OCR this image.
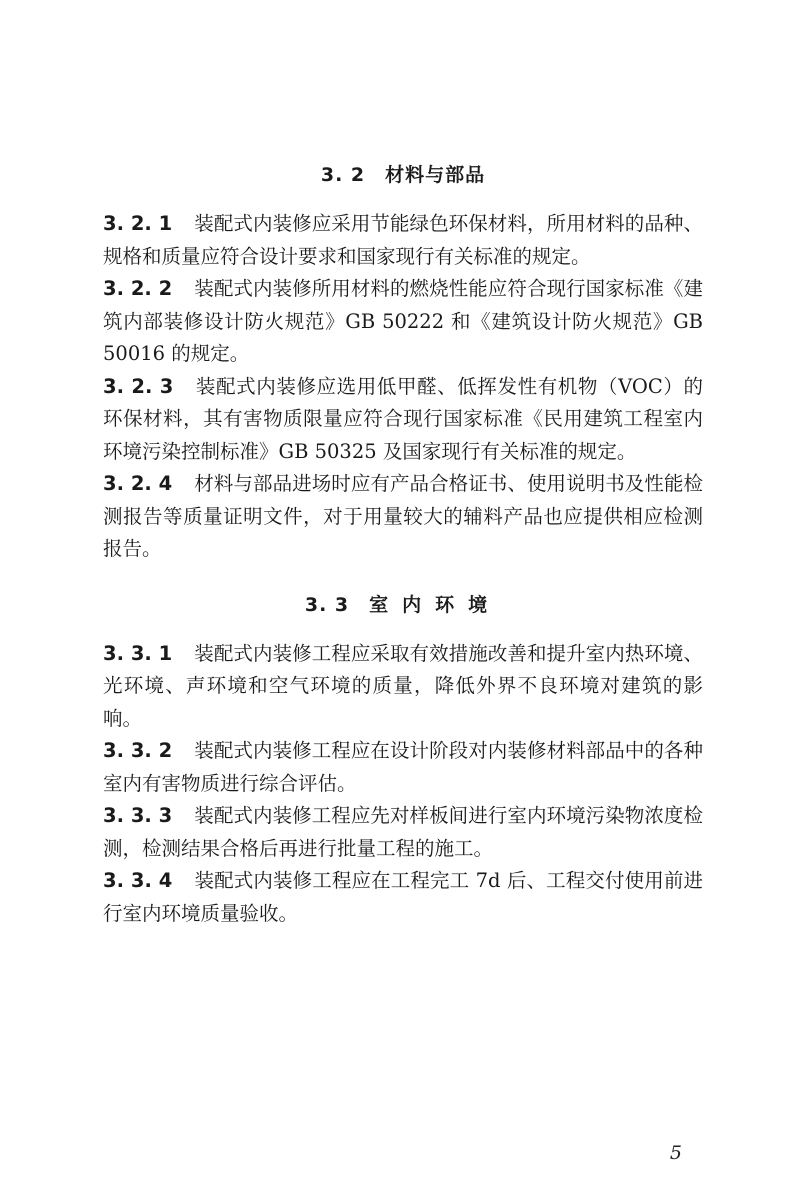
3. 2 材料与部品

3. 2. 1 装配式内装修应采用节能绿色环保材料，所用材料的品种、规格和质量应符合设计要求和国家现行有关标准的规定。

3. 2. 2 装配式内装修所用材料的燃烧性能应符合现行国家标准《建筑内部装修设计防火规范》GB 50222 和《建筑设计防火规范》GB 50016 的规定。

3. 2. 3 装配式内装修应选用低甲醛、低挥发性有机物（VOC）的环保材料，其有害物质限量应符合现行国家标准《民用建筑工程室内环境污染控制标准》GB 50325 及国家现行有关标准的规定。

3. 2. 4 材料与部品进场时应有产品合格证书、使用说明书及性能检测报告等质量证明文件，对于用量较大的辅料产品也应提供相应检测报告。

3. 3 室内环境

3. 3. 1 装配式内装修工程应采取有效措施改善和提升室内热环境、光环境、声环境和空气环境的质量，降低外界不良环境对建筑的影响。

3. 3. 2 装配式内装修工程应在设计阶段对内装修材料部品中的各种室内有害物质进行综合评估。

3. 3. 3 装配式内装修工程应先对样板间进行室内环境污染物浓度检测，检测结果合格后再进行批量工程的施工。

3. 3. 4 装配式内装修工程应在工程完工 7d 后、工程交付使用前进行室内环境质量验收。

5
